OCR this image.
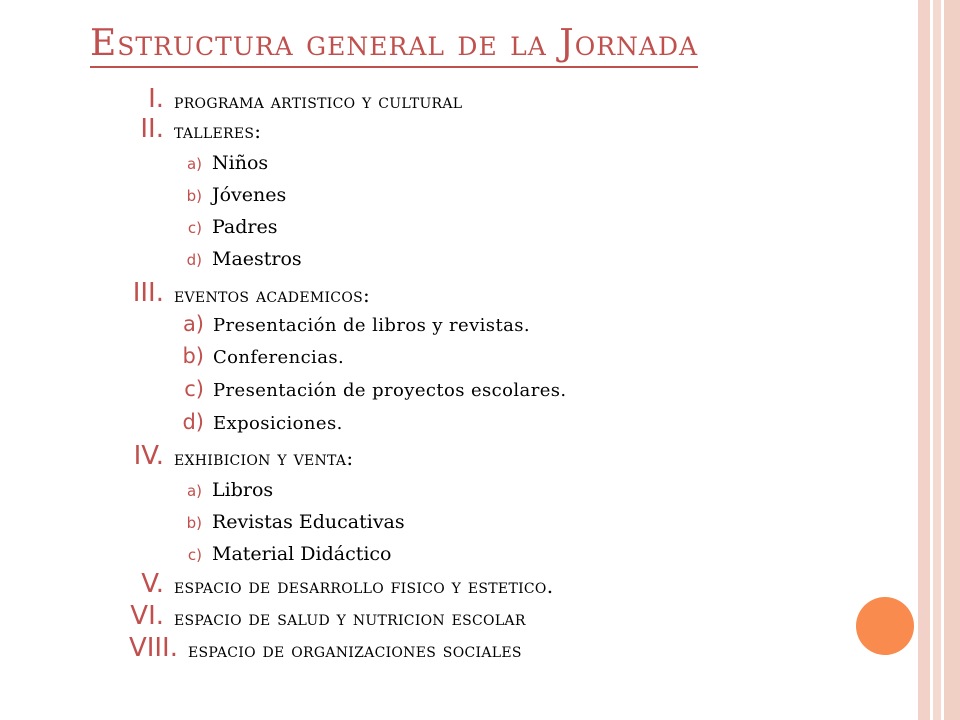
Estructura general de la Jornada
I. programa artistico y cultural
II. talleres:
a) Niños
b) Jóvenes
c) Padres
d) Maestros
III. eventos academicos:
a) Presentación de libros y revistas.
b) Conferencias.
c) Presentación de proyectos escolares.
d) Exposiciones.
IV. exhibicion y venta:
a) Libros
b) Revistas Educativas
c) Material Didáctico
V. espacio de desarrollo fisico y estetico.
VI. espacio de salud y nutricion escolar
VIII. espacio de organizaciones sociales
